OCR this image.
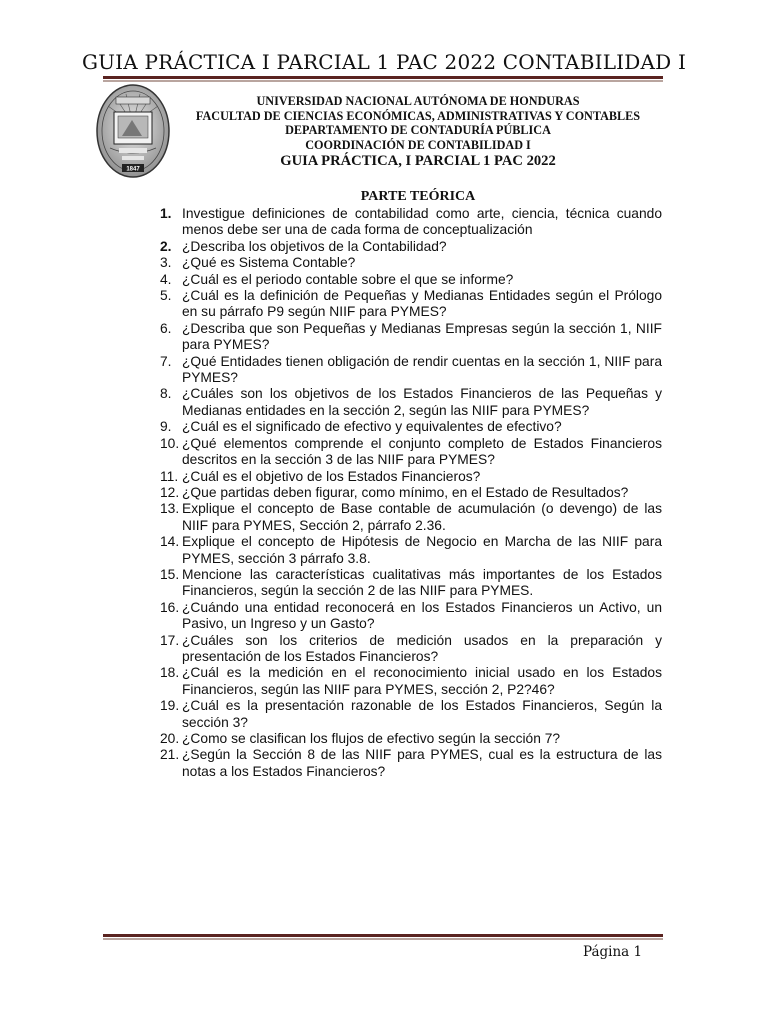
GUIA PRÁCTICA I PARCIAL 1 PAC 2022 CONTABILIDAD I
1847
UNIVERSIDAD NACIONAL AUTÓNOMA DE HONDURAS
FACULTAD DE CIENCIAS ECONÓMICAS, ADMINISTRATIVAS Y CONTABLES
DEPARTAMENTO DE CONTADURÍA PÚBLICA
COORDINACIÓN DE CONTABILIDAD I
GUIA PRÁCTICA, I PARCIAL 1 PAC 2022
PARTE TEÓRICA
1. Investigue definiciones de contabilidad como arte, ciencia, técnica cuando menos debe ser una de cada forma de conceptualización
2. ¿Describa los objetivos de la Contabilidad?
3. ¿Qué es Sistema Contable?
4. ¿Cuál es el periodo contable sobre el que se informe?
5. ¿Cuál es la definición de Pequeñas y Medianas Entidades según el Prólogo en su párrafo P9 según NIIF para PYMES?
6. ¿Describa que son Pequeñas y Medianas Empresas según la sección 1, NIIF para PYMES?
7. ¿Qué Entidades tienen obligación de rendir cuentas en la sección 1, NIIF para PYMES?
8. ¿Cuáles son los objetivos de los Estados Financieros de las Pequeñas y Medianas entidades en la sección 2, según las NIIF para PYMES?
9. ¿Cuál es el significado de efectivo y equivalentes de efectivo?
10. ¿Qué elementos comprende el conjunto completo de Estados Financieros descritos en la sección 3 de las NIIF para PYMES?
11. ¿Cuál es el objetivo de los Estados Financieros?
12. ¿Que partidas deben figurar, como mínimo, en el Estado de Resultados?
13. Explique el concepto de Base contable de acumulación (o devengo) de las NIIF para PYMES, Sección 2, párrafo 2.36.
14. Explique el concepto de Hipótesis de Negocio en Marcha de las NIIF para PYMES, sección 3 párrafo 3.8.
15. Mencione las características cualitativas más importantes de los Estados Financieros, según la sección 2 de las NIIF para PYMES.
16. ¿Cuándo una entidad reconocerá en los Estados Financieros un Activo, un Pasivo, un Ingreso y un Gasto?
17. ¿Cuáles son los criterios de medición usados en la preparación y presentación de los Estados Financieros?
18. ¿Cuál es la medición en el reconocimiento inicial usado en los Estados Financieros, según las NIIF para PYMES, sección 2, P2?46?
19. ¿Cuál es la presentación razonable de los Estados Financieros, Según la sección 3?
20. ¿Como se clasifican los flujos de efectivo según la sección 7?
21. ¿Según la Sección 8 de las NIIF para PYMES, cual es la estructura de las notas a los Estados Financieros?
Página 1
